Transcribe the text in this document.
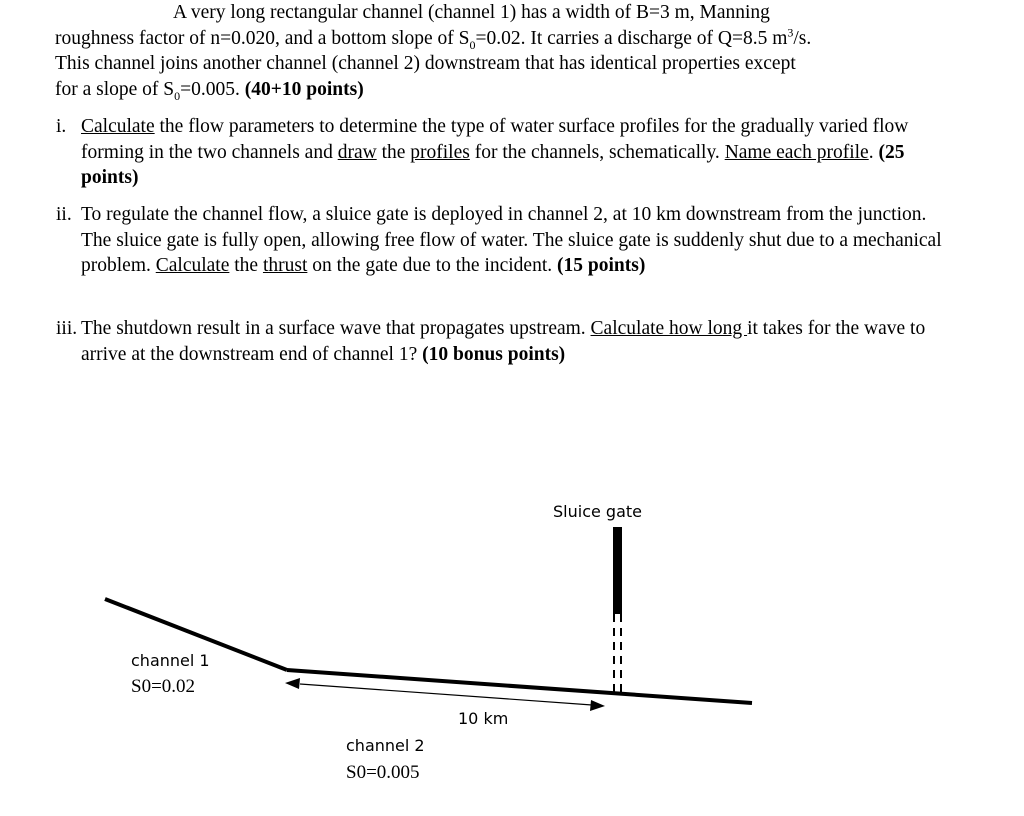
A very long rectangular channel (channel 1) has a width of B=3 m, Manning
roughness factor of n=0.020, and a bottom slope of $S_0=0.02$. It carries a discharge of Q=8.5 $m^3/s$.
This channel joins another channel (channel 2) downstream that has identical properties except
for a slope of $S_0=0.005$. (40+10 points)
i. Calculate the flow parameters to determine the type of water surface profiles for the gradually varied flow forming in the two channels and draw the profiles for the channels, schematically. Name each profile. (25 points)
ii. To regulate the channel flow, a sluice gate is deployed in channel 2, at 10 km downstream from the junction. The sluice gate is fully open, allowing free flow of water. The sluice gate is suddenly shut due to a mechanical problem. Calculate the thrust on the gate due to the incident. (15 points)
iii. The shutdown result in a surface wave that propagates upstream. Calculate how long it takes for the wave to arrive at the downstream end of channel 1? (10 bonus points)
Sluice gate
channel 1
S0=0.02
10 km
channel 2
S0=0.005
